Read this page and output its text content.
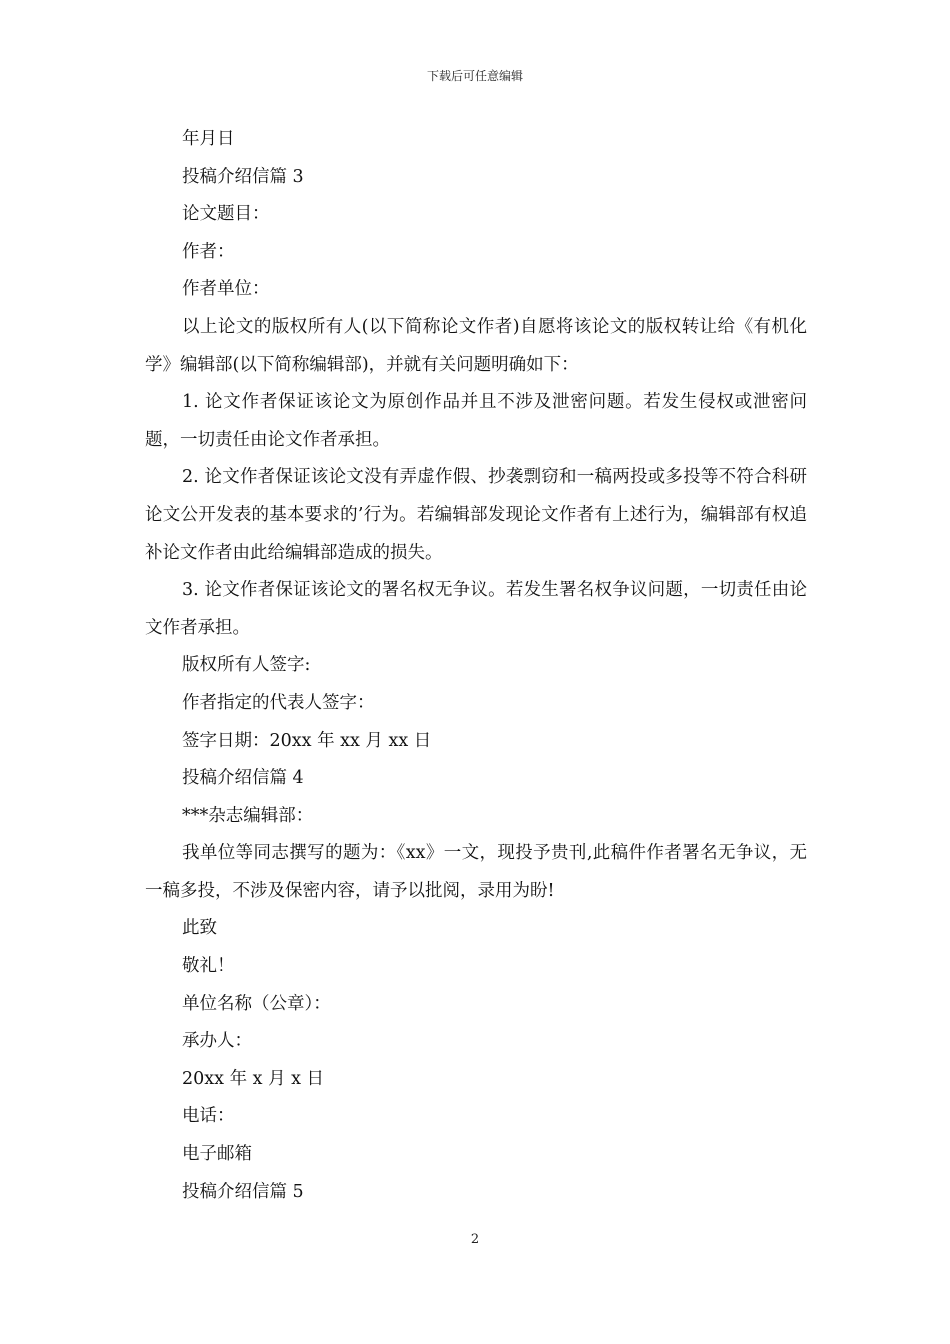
下载后可任意编辑

年月日

投稿介绍信篇 3

论文题目：

作者：

作者单位：

以上论文的版权所有人(以下简称论文作者)自愿将该论文的版权转让给《有机化学》编辑部(以下简称编辑部)，并就有关问题明确如下：

1. 论文作者保证该论文为原创作品并且不涉及泄密问题。若发生侵权或泄密问题，一切责任由论文作者承担。

2. 论文作者保证该论文没有弄虚作假、抄袭剽窃和一稿两投或多投等不符合科研论文公开发表的基本要求的’行为。若编辑部发现论文作者有上述行为，编辑部有权追补论文作者由此给编辑部造成的损失。

3. 论文作者保证该论文的署名权无争议。若发生署名权争议问题，一切责任由论文作者承担。

版权所有人签字:

作者指定的代表人签字：

签字日期：20xx 年 xx 月 xx 日

投稿介绍信篇 4

***杂志编辑部：

我单位等同志撰写的题为：《xx》一文，现投予贵刊,此稿件作者署名无争议，无一稿多投，不涉及保密内容，请予以批阅，录用为盼!

此致

敬礼！

单位名称（公章）：

承办人：

20xx 年 x 月 x 日

电话：

电子邮箱

投稿介绍信篇 5

2
